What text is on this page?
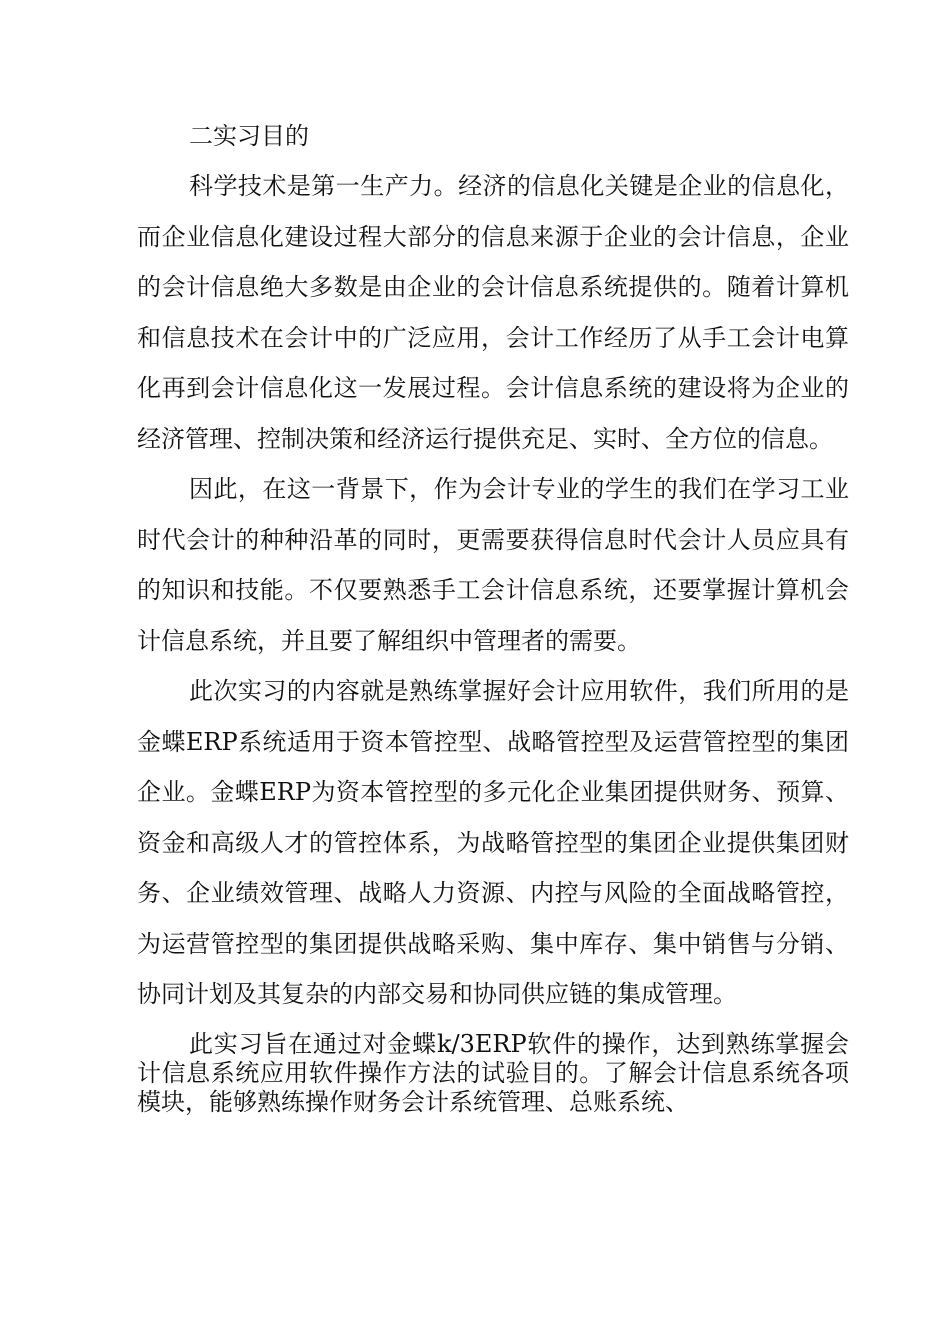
二实习目的

科学技术是第一生产力。经济的信息化关键是企业的信息化，而企业信息化建设过程大部分的信息来源于企业的会计信息，企业的会计信息绝大多数是由企业的会计信息系统提供的。随着计算机和信息技术在会计中的广泛应用，会计工作经历了从手工会计电算化再到会计信息化这一发展过程。会计信息系统的建设将为企业的经济管理、控制决策和经济运行提供充足、实时、全方位的信息。

因此，在这一背景下，作为会计专业的学生的我们在学习工业时代会计的种种沿革的同时，更需要获得信息时代会计人员应具有的知识和技能。不仅要熟悉手工会计信息系统，还要掌握计算机会计信息系统，并且要了解组织中管理者的需要。

此次实习的内容就是熟练掌握好会计应用软件，我们所用的是金蝶ERP系统适用于资本管控型、战略管控型及运营管控型的集团企业。金蝶ERP为资本管控型的多元化企业集团提供财务、预算、资金和高级人才的管控体系，为战略管控型的集团企业提供集团财务、企业绩效管理、战略人力资源、内控与风险的全面战略管控，为运营管控型的集团提供战略采购、集中库存、集中销售与分销、协同计划及其复杂的内部交易和协同供应链的集成管理。

此实习旨在通过对金蝶k/3ERP软件的操作，达到熟练掌握会计信息系统应用软件操作方法的试验目的。了解会计信息系统各项模块，能够熟练操作财务会计系统管理、总账系统、
